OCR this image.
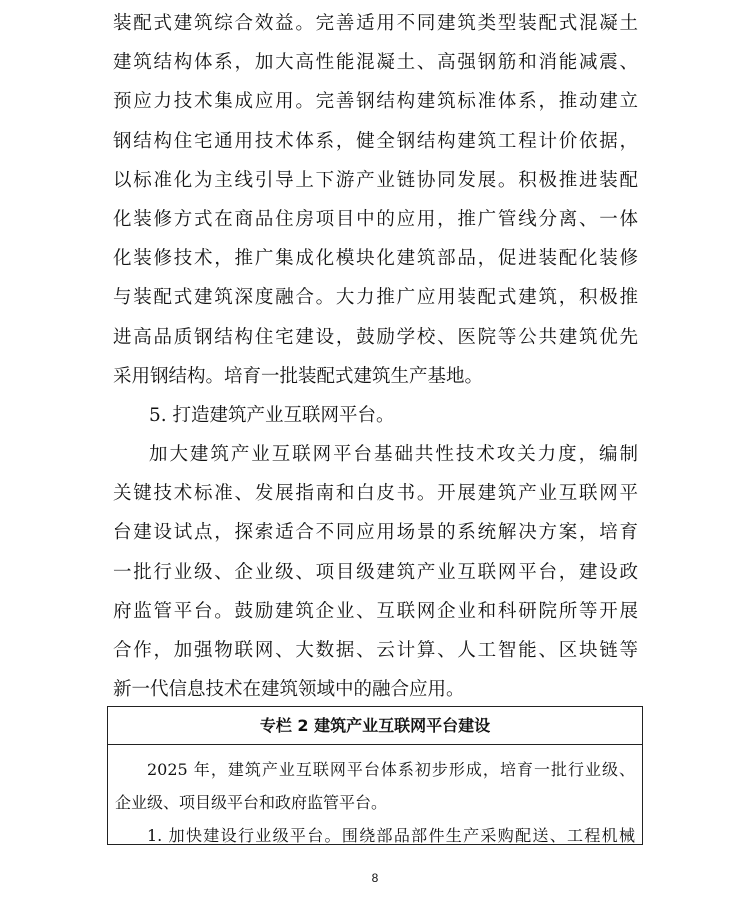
装配式建筑综合效益。完善适用不同建筑类型装配式混凝土
建筑结构体系，加大高性能混凝土、高强钢筋和消能减震、
预应力技术集成应用。完善钢结构建筑标准体系，推动建立
钢结构住宅通用技术体系，健全钢结构建筑工程计价依据，
以标准化为主线引导上下游产业链协同发展。积极推进装配
化装修方式在商品住房项目中的应用，推广管线分离、一体
化装修技术，推广集成化模块化建筑部品，促进装配化装修
与装配式建筑深度融合。大力推广应用装配式建筑，积极推
进高品质钢结构住宅建设，鼓励学校、医院等公共建筑优先
采用钢结构。培育一批装配式建筑生产基地。
5. 打造建筑产业互联网平台。
加大建筑产业互联网平台基础共性技术攻关力度，编制
关键技术标准、发展指南和白皮书。开展建筑产业互联网平
台建设试点，探索适合不同应用场景的系统解决方案，培育
一批行业级、企业级、项目级建筑产业互联网平台，建设政
府监管平台。鼓励建筑企业、互联网企业和科研院所等开展
合作，加强物联网、大数据、云计算、人工智能、区块链等
新一代信息技术在建筑领域中的融合应用。
专栏 2 建筑产业互联网平台建设
2025 年，建筑产业互联网平台体系初步形成，培育一批行业级、
企业级、项目级平台和政府监管平台。
1. 加快建设行业级平台。围绕部品部件生产采购配送、工程机械
8
